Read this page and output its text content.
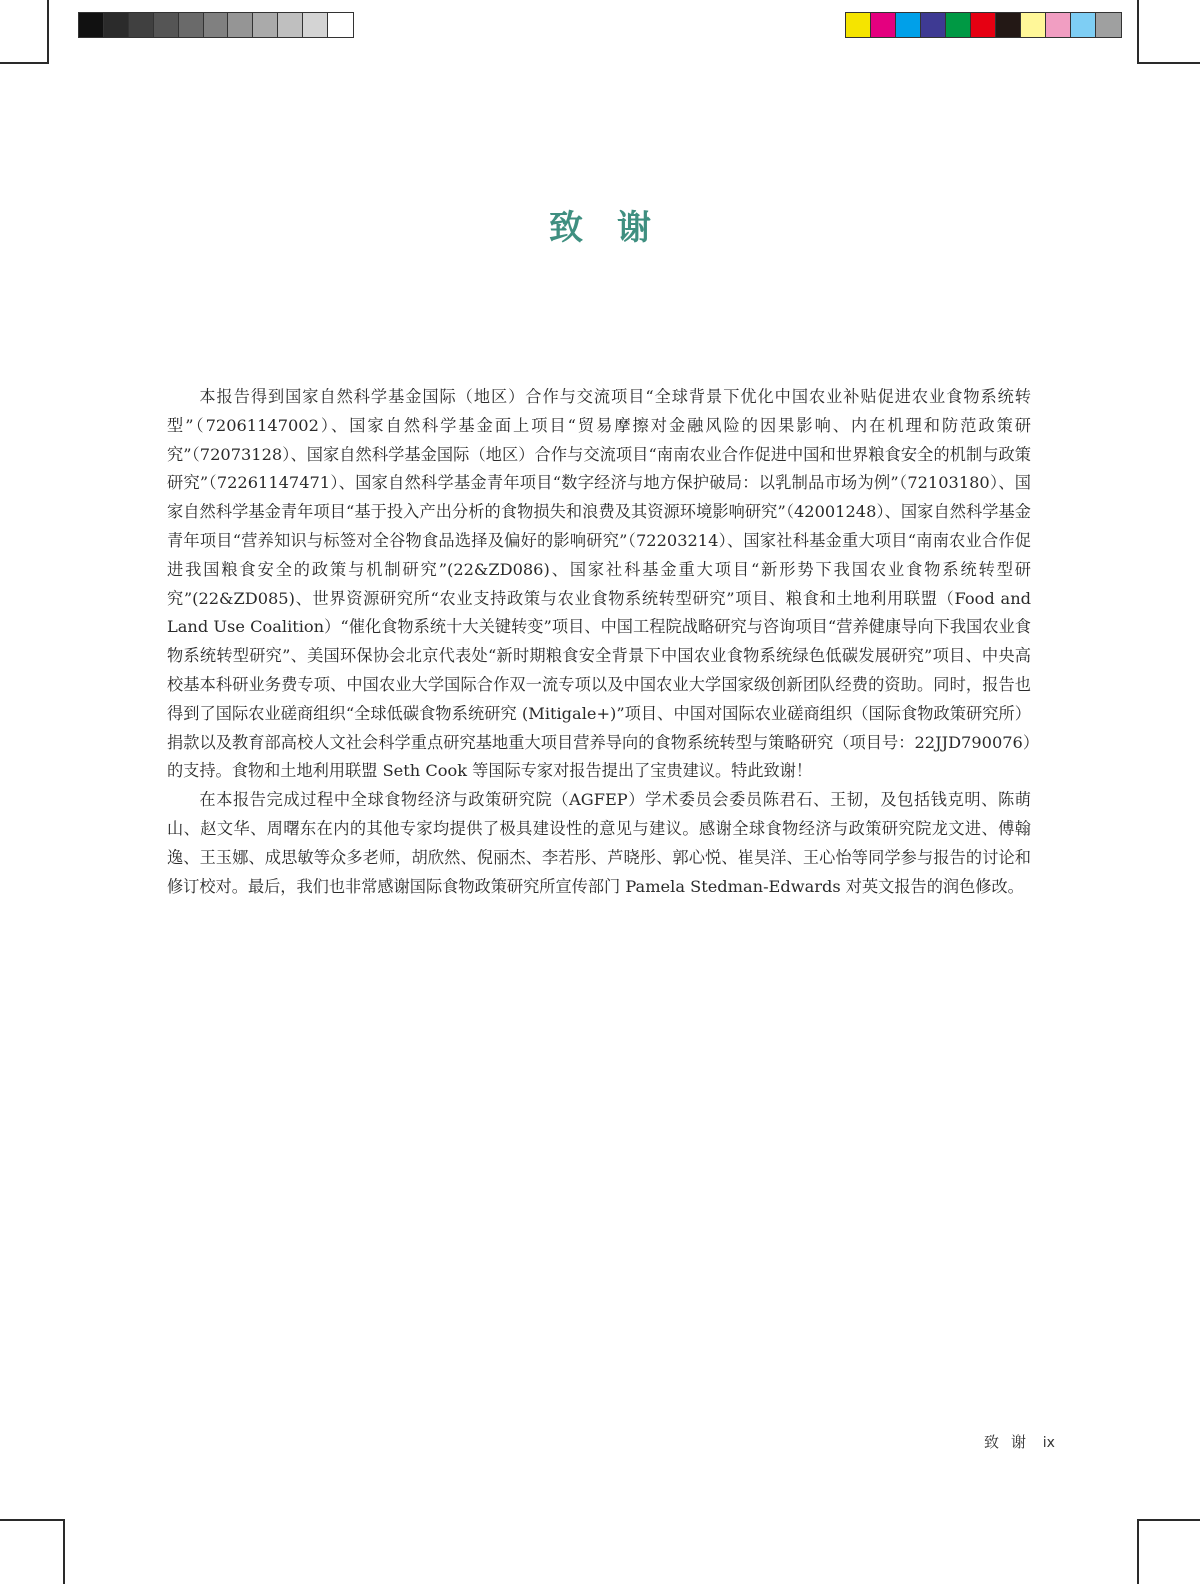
致谢

本报告得到国家自然科学基金国际（地区）合作与交流项目“全球背景下优化中国农业补贴促进农业食物系统转型”（72061147002）、国家自然科学基金面上项目“贸易摩擦对金融风险的因果影响、内在机理和防范政策研究”（72073128）、国家自然科学基金国际（地区）合作与交流项目“南南农业合作促进中国和世界粮食安全的机制与政策研究”（72261147471）、国家自然科学基金青年项目“数字经济与地方保护破局：以乳制品市场为例”（72103180）、国家自然科学基金青年项目“基于投入产出分析的食物损失和浪费及其资源环境影响研究”（42001248）、国家自然科学基金青年项目“营养知识与标签对全谷物食品选择及偏好的影响研究”（72203214）、国家社科基金重大项目“南南农业合作促进我国粮食安全的政策与机制研究”(22&ZD086)、国家社科基金重大项目“新形势下我国农业食物系统转型研究”(22&ZD085)、世界资源研究所“农业支持政策与农业食物系统转型研究”项目、粮食和土地利用联盟（Food and Land Use Coalition）“催化食物系统十大关键转变”项目、中国工程院战略研究与咨询项目“营养健康导向下我国农业食物系统转型研究”、美国环保协会北京代表处“新时期粮食安全背景下中国农业食物系统绿色低碳发展研究”项目、中央高校基本科研业务费专项、中国农业大学国际合作双一流专项以及中国农业大学国家级创新团队经费的资助。同时，报告也得到了国际农业磋商组织“全球低碳食物系统研究 (Mitigale+)”项目、中国对国际农业磋商组织（国际食物政策研究所）捐款以及教育部高校人文社会科学重点研究基地重大项目营养导向的食物系统转型与策略研究（项目号：22JJD790076）的支持。食物和土地利用联盟 Seth Cook 等国际专家对报告提出了宝贵建议。特此致谢！

在本报告完成过程中全球食物经济与政策研究院（AGFEP）学术委员会委员陈君石、王韧，及包括钱克明、陈萌山、赵文华、周曙东在内的其他专家均提供了极具建设性的意见与建议。感谢全球食物经济与政策研究院龙文进、傅翰逸、王玉娜、成思敏等众多老师，胡欣然、倪丽杰、李若彤、芦晓彤、郭心悦、崔昊洋、王心怡等同学参与报告的讨论和修订校对。最后，我们也非常感谢国际食物政策研究所宣传部门 Pamela Stedman-Edwards 对英文报告的润色修改。

致谢 ix
